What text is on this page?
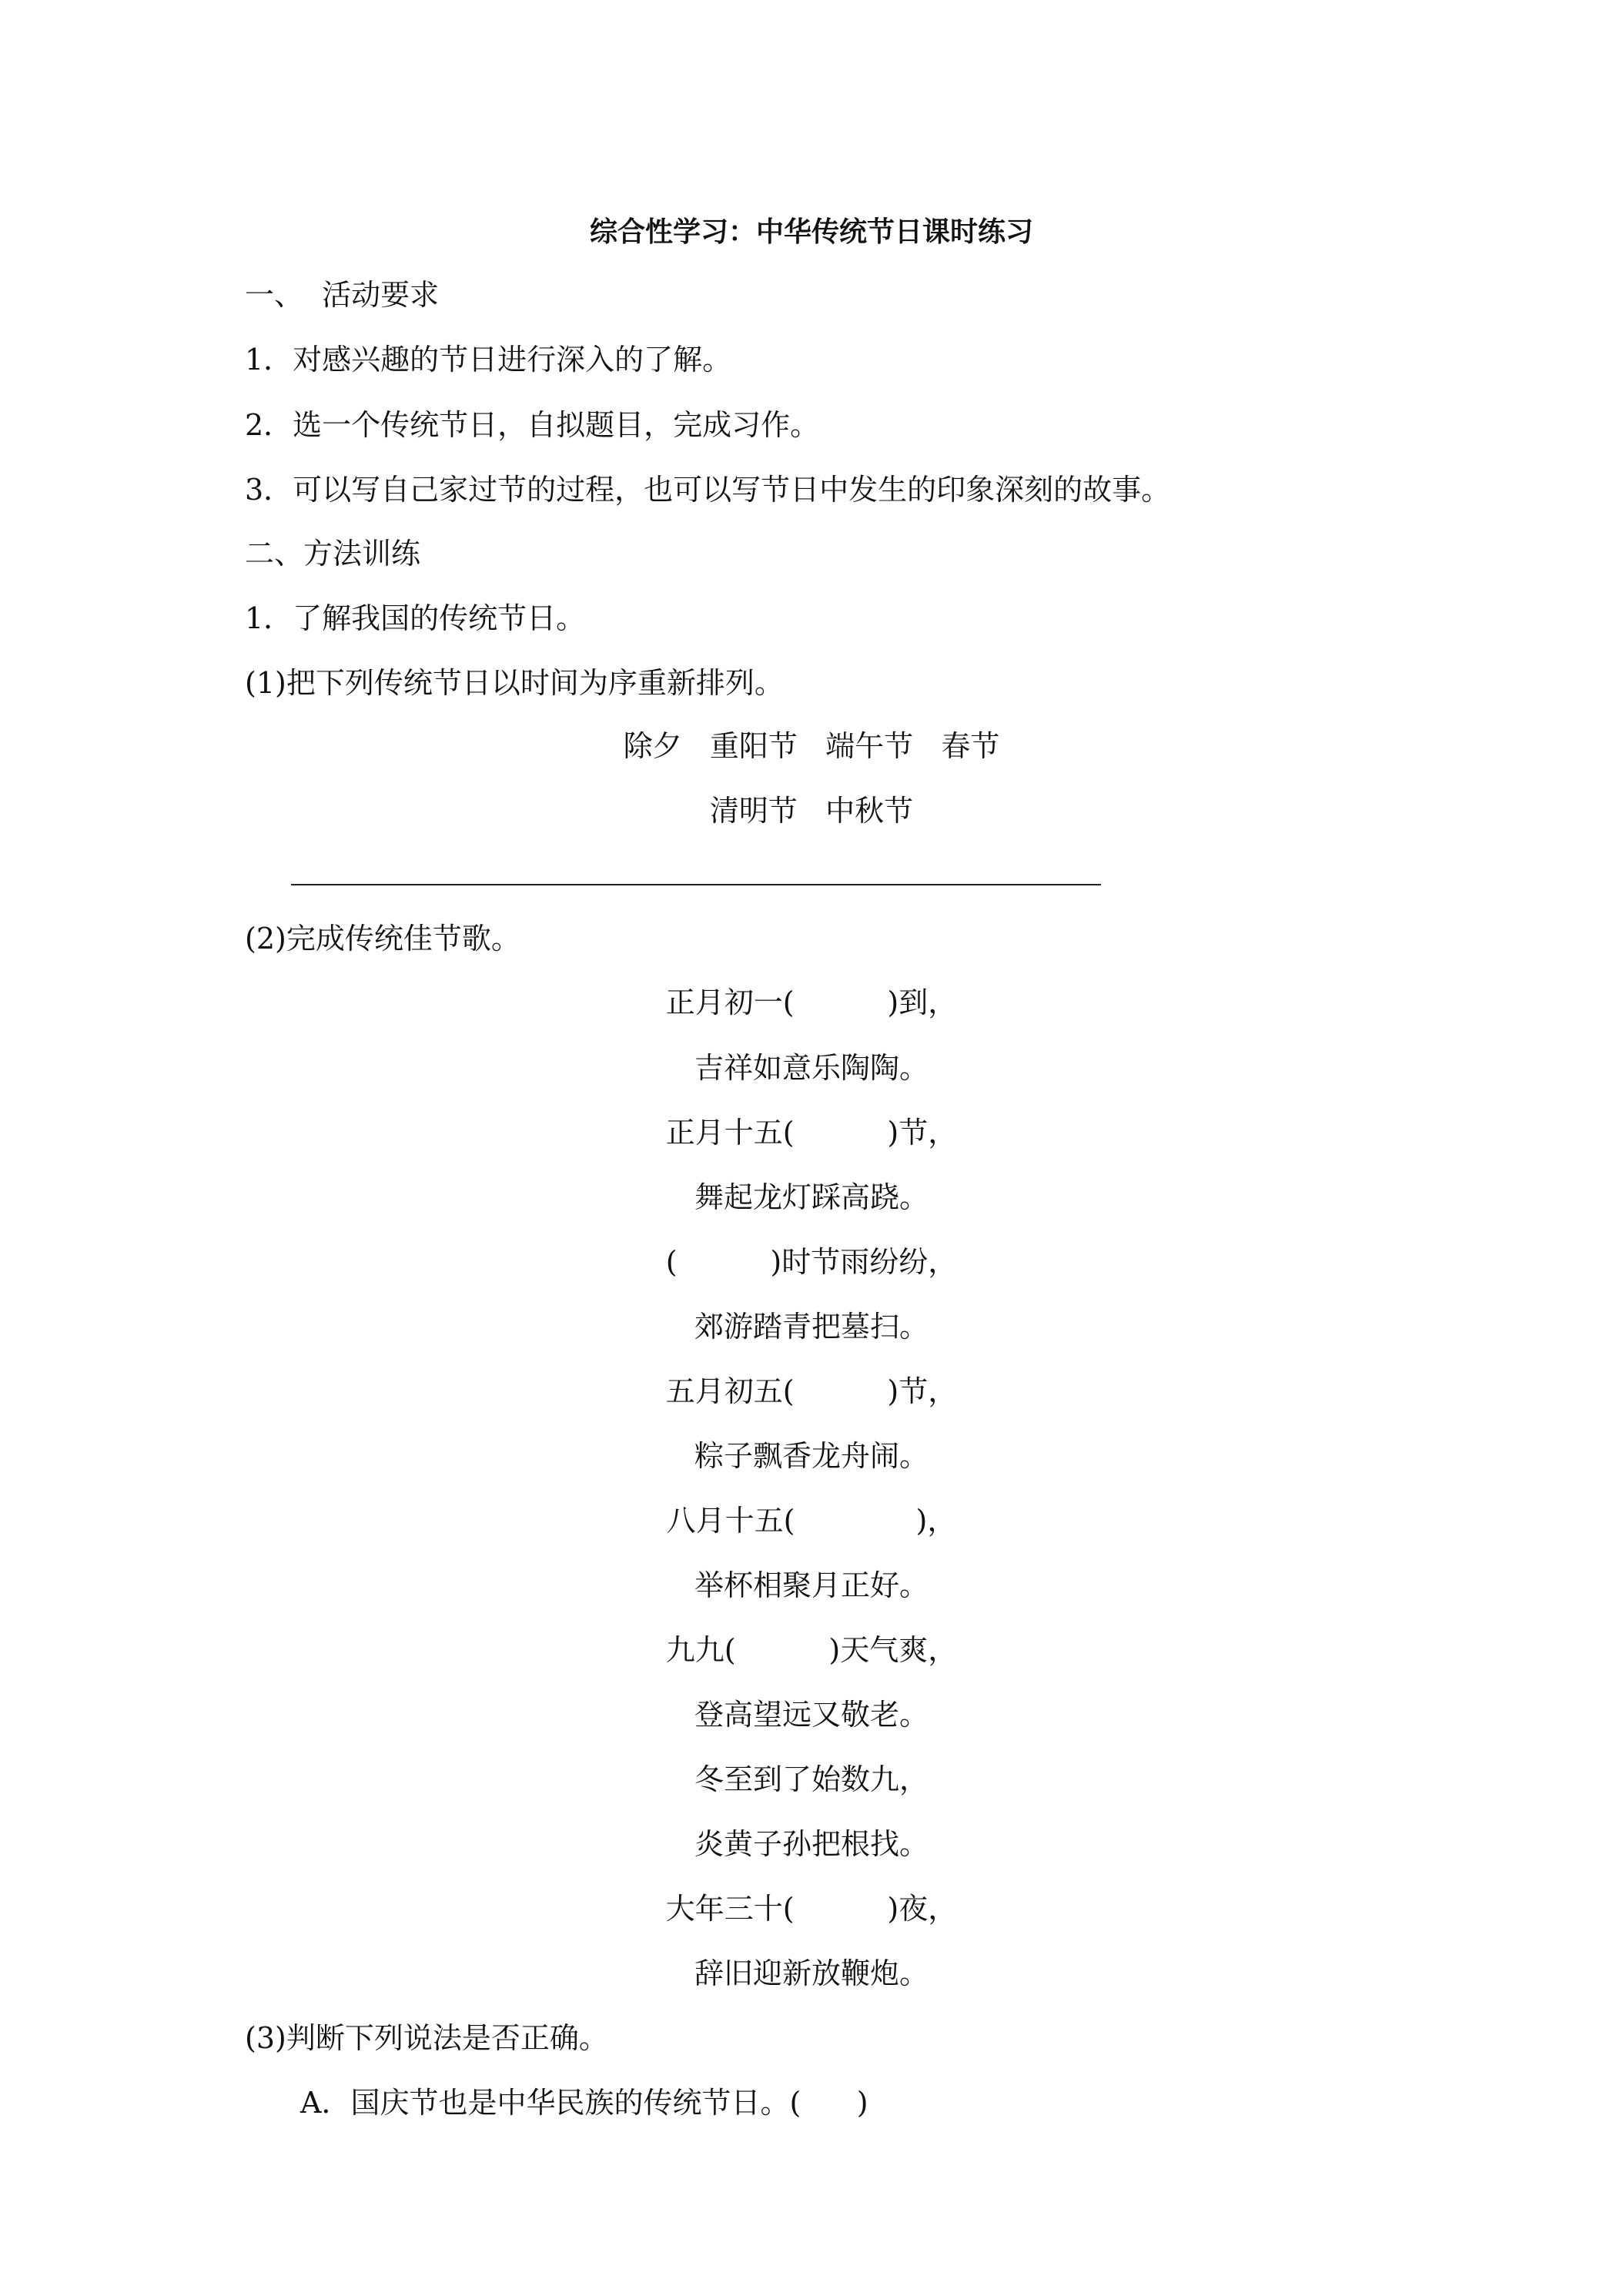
综合性学习：中华传统节日课时练习
一、  活动要求
1．对感兴趣的节日进行深入的了解。
2．选一个传统节日，自拟题目，完成习作。
3．可以写自己家过节的过程，也可以写节日中发生的印象深刻的故事。
二、方法训练
1．了解我国的传统节日。
(1)把下列传统节日以时间为序重新排列。
除夕   重阳节   端午节   春节
清明节   中秋节
(2)完成传统佳节歌。
正月初一(          )到，
吉祥如意乐陶陶。
正月十五(          )节，
舞起龙灯踩高跷。
(          )时节雨纷纷，
郊游踏青把墓扫。
五月初五(          )节，
粽子飘香龙舟闹。
八月十五(             )，
举杯相聚月正好。
九九(          )天气爽，
登高望远又敬老。
冬至到了始数九，
炎黄子孙把根找。
大年三十(          )夜，
辞旧迎新放鞭炮。
(3)判断下列说法是否正确。
A．国庆节也是中华民族的传统节日。(      )
